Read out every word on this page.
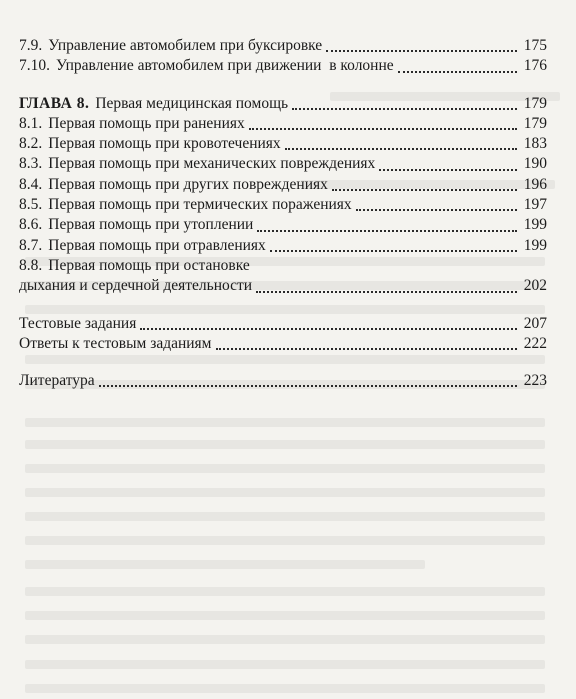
7.9. Управление автомобилем при буксировке	175
7.10. Управление автомобилем при движении  в колонне	176
ГЛАВА 8. Первая медицинская помощь	179
8.1. Первая помощь при ранениях	179
8.2. Первая помощь при кровотечениях	183
8.3. Первая помощь при механических повреждениях	190
8.4. Первая помощь при других повреждениях	196
8.5. Первая помощь при термических поражениях	197
8.6. Первая помощь при утоплении	199
8.7. Первая помощь при отравлениях	199
8.8. Первая помощь при остановке
дыхания и сердечной деятельности	202
Тестовые задания	207
Ответы к тестовым заданиям	222
Литература	223
